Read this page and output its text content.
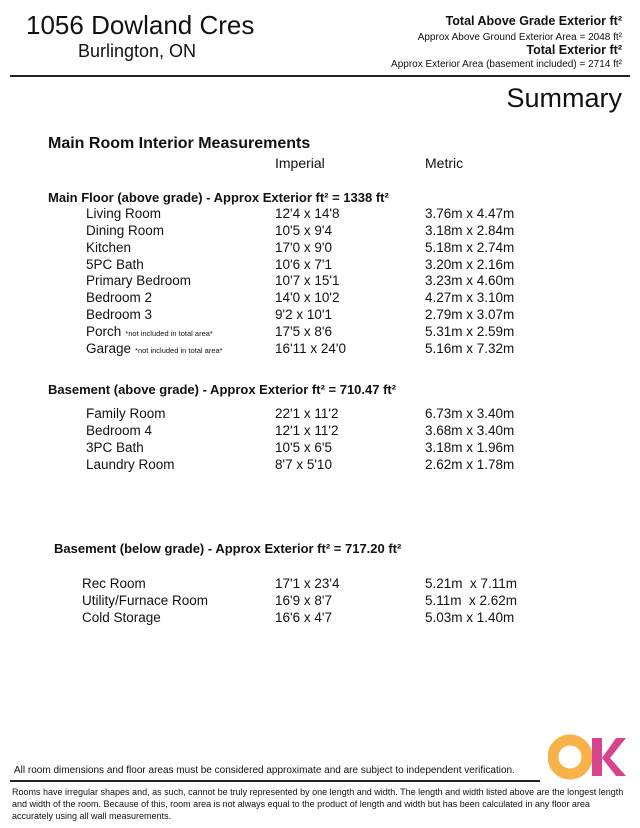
1056 Dowland Cres
Burlington, ON
Total Above Grade Exterior ft²
Approx Above Ground Exterior Area = 2048 ft²
Total Exterior ft²
Approx Exterior Area (basement included) = 2714 ft²
Summary
Main Room Interior Measurements
Imperial	Metric
Main Floor (above grade) - Approx Exterior ft² = 1338 ft²
Living Room	12'4 x 14'8	3.76m x 4.47m
Dining Room	10'5 x 9'4	3.18m x 2.84m
Kitchen	17'0 x 9'0	5.18m x 2.74m
5PC Bath	10'6 x 7'1	3.20m x 2.16m
Primary Bedroom	10'7 x 15'1	3.23m x 4.60m
Bedroom 2	14'0 x 10'2	4.27m x 3.10m
Bedroom 3	9'2 x 10'1	2.79m x 3.07m
Porch *not included in total area*	17'5 x 8'6	5.31m x 2.59m
Garage *not included in total area*	16'11 x 24'0	5.16m x 7.32m
Basement (above grade) - Approx Exterior ft² = 710.47 ft²
Family Room	22'1 x 11'2	6.73m x 3.40m
Bedroom 4	12'1 x 11'2	3.68m x 3.40m
3PC Bath	10'5 x 6'5	3.18m x 1.96m
Laundry Room	8'7 x 5'10	2.62m x 1.78m
Basement (below grade) - Approx Exterior ft² = 717.20 ft²
Rec Room	17'1 x 23'4	5.21m  x 7.11m
Utility/Furnace Room	16'9 x 8'7	5.11m  x 2.62m
Cold Storage	16'6 x 4'7	5.03m x 1.40m
All room dimensions and floor areas must be considered approximate and are subject to independent verification.
Rooms have irregular shapes and, as such, cannot be truly represented by one length and width. The length and width listed above are the longest length and width of the room. Because of this, room area is not always equal to the product of length and width but has been calculated in any floor area accurately using all wall measurements.
